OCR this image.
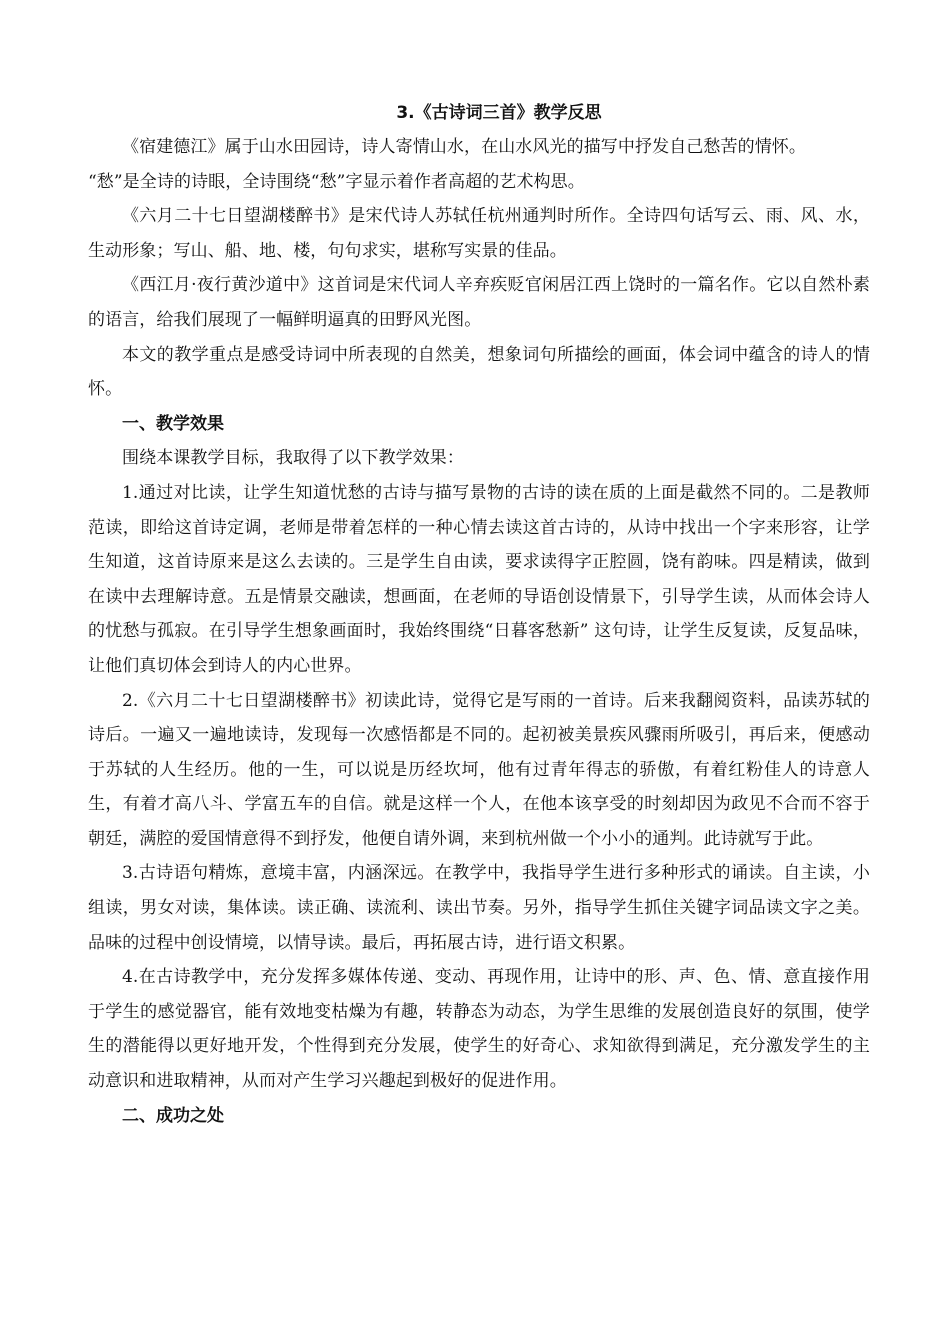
3.《古诗词三首》教学反思

《宿建德江》属于山水田园诗，诗人寄情山水，在山水风光的描写中抒发自己愁苦的情怀。

“愁”是全诗的诗眼，全诗围绕“愁”字显示着作者高超的艺术构思。

《六月二十七日望湖楼醉书》是宋代诗人苏轼任杭州通判时所作。全诗四句话写云、雨、风、水，生动形象；写山、船、地、楼，句句求实，堪称写实景的佳品。

《西江月·夜行黄沙道中》这首词是宋代词人辛弃疾贬官闲居江西上饶时的一篇名作。它以自然朴素的语言，给我们展现了一幅鲜明逼真的田野风光图。

本文的教学重点是感受诗词中所表现的自然美，想象词句所描绘的画面，体会词中蕴含的诗人的情怀。

一、教学效果

围绕本课教学目标，我取得了以下教学效果：

1.通过对比读，让学生知道忧愁的古诗与描写景物的古诗的读在质的上面是截然不同的。二是教师范读，即给这首诗定调，老师是带着怎样的一种心情去读这首古诗的，从诗中找出一个字来形容，让学生知道，这首诗原来是这么去读的。三是学生自由读，要求读得字正腔圆，饶有韵味。四是精读，做到在读中去理解诗意。五是情景交融读，想画面，在老师的导语创设情景下，引导学生读，从而体会诗人的忧愁与孤寂。在引导学生想象画面时，我始终围绕“日暮客愁新” 这句诗，让学生反复读，反复品味，让他们真切体会到诗人的内心世界。

2.《六月二十七日望湖楼醉书》初读此诗，觉得它是写雨的一首诗。后来我翻阅资料，品读苏轼的诗后。一遍又一遍地读诗，发现每一次感悟都是不同的。起初被美景疾风骤雨所吸引，再后来，便感动于苏轼的人生经历。他的一生，可以说是历经坎坷，他有过青年得志的骄傲，有着红粉佳人的诗意人生，有着才高八斗、学富五车的自信。就是这样一个人，在他本该享受的时刻却因为政见不合而不容于朝廷，满腔的爱国情意得不到抒发，他便自请外调，来到杭州做一个小小的通判。此诗就写于此。

3.古诗语句精炼，意境丰富，内涵深远。在教学中，我指导学生进行多种形式的诵读。自主读，小组读，男女对读，集体读。读正确、读流利、读出节奏。另外，指导学生抓住关键字词品读文字之美。品味的过程中创设情境，以情导读。最后，再拓展古诗，进行语文积累。

4.在古诗教学中，充分发挥多媒体传递、变动、再现作用，让诗中的形、声、色、情、意直接作用于学生的感觉器官，能有效地变枯燥为有趣，转静态为动态，为学生思维的发展创造良好的氛围，使学生的潜能得以更好地开发，个性得到充分发展，使学生的好奇心、求知欲得到满足，充分激发学生的主动意识和进取精神，从而对产生学习兴趣起到极好的促进作用。

二、成功之处
